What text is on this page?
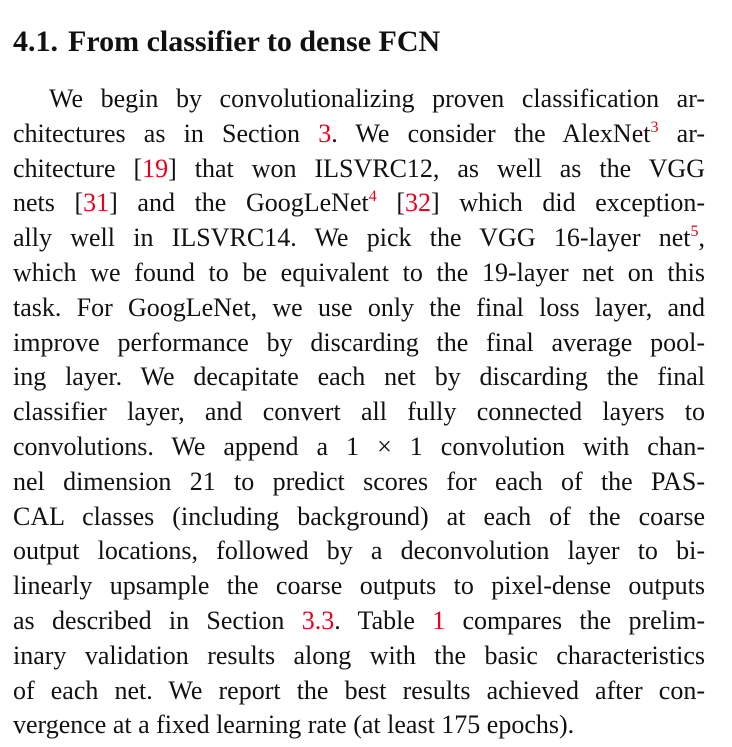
4.1. From classifier to dense FCN
We begin by convolutionalizing proven classification ar-
chitectures as in Section 3. We consider the AlexNet$^3$ ar-
chitecture [19] that won ILSVRC12, as well as the VGG
nets [31] and the GoogLeNet$^4$ [32] which did exception-
ally well in ILSVRC14. We pick the VGG 16-layer net$^5$,
which we found to be equivalent to the 19-layer net on this
task. For GoogLeNet, we use only the final loss layer, and
improve performance by discarding the final average pool-
ing layer. We decapitate each net by discarding the final
classifier layer, and convert all fully connected layers to
convolutions. We append a 1 × 1 convolution with chan-
nel dimension 21 to predict scores for each of the PAS-
CAL classes (including background) at each of the coarse
output locations, followed by a deconvolution layer to bi-
linearly upsample the coarse outputs to pixel-dense outputs
as described in Section 3.3. Table 1 compares the prelim-
inary validation results along with the basic characteristics
of each net. We report the best results achieved after con-
vergence at a fixed learning rate (at least 175 epochs).
